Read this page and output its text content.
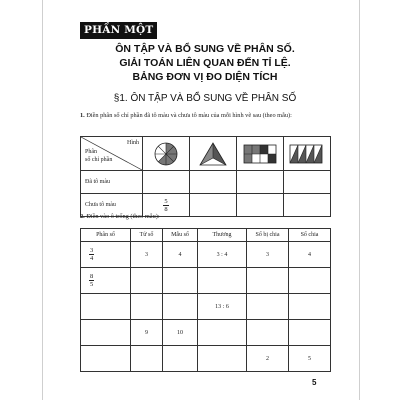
PHẦN MỘT
ÔN TẬP VÀ BỔ SUNG VỀ PHÂN SỐ.
GIẢI TOÁN LIÊN QUAN ĐẾN TỈ LỆ.
BẢNG ĐƠN VỊ ĐO DIỆN TÍCH
§1. ÔN TẬP VÀ BỔ SUNG VỀ PHÂN SỐ
1. Điền phân số chỉ phần đã tô màu và chưa tô màu của mỗi hình vẽ sau (theo mẫu):
Hình
Phân
số chỉ phần

Đã tô màu				
Chưa tô màu	$\frac{5}{8}$

2. Điền vào ô trống (theo mẫu):
Phân số	Tử số	Mẫu số	Thương	Số bị chia	Số chia

$\frac{3}{4}$	3	4	3 : 4	3	4

$\frac{8}{5}$

			13 : 6		
	9	10			
				2	5
5
